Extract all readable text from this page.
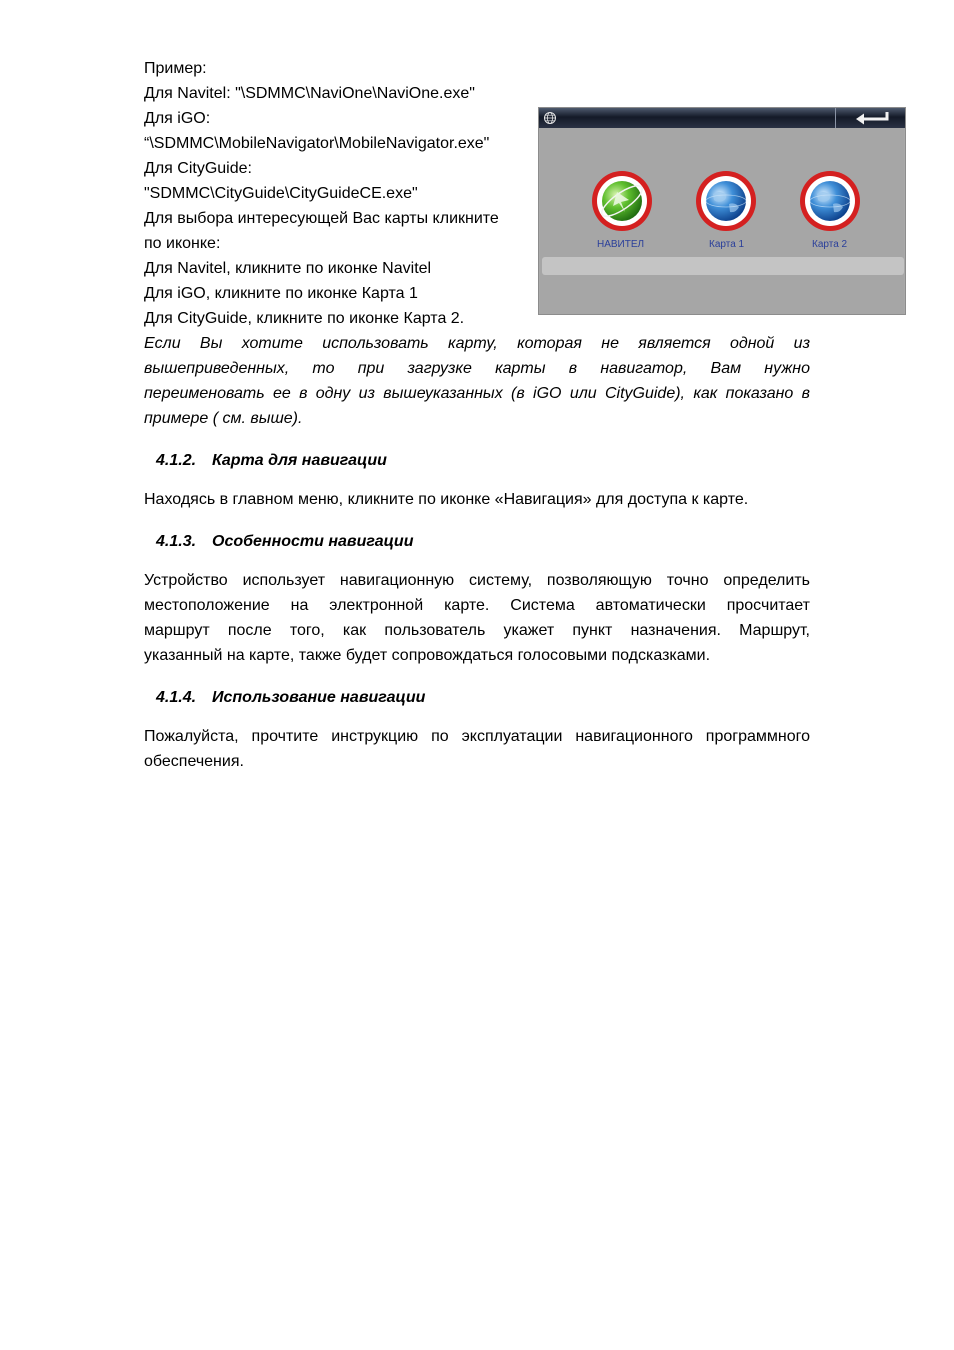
Пример:
Для Navitel: "\SDMMC\NaviOne\NaviOne.exe"
Для iGO:
“\SDMMC\MobileNavigator\MobileNavigator.exe"
Для CityGuide:
"SDMMC\CityGuide\CityGuideCE.exe"
Для выбора интересующей Вас карты кликните
по иконке:
Для Navitel, кликните по иконке Navitel
Для iGO, кликните по иконке Карта 1
Для CityGuide, кликните по иконке Карта 2.
Если Вы хотите использовать карту, которая не является одной из
вышеприведенных, то при загрузке карты в навигатор, Вам нужно
переименовать ее в одну из вышеуказанных (в iGO или CityGuide), как показано в
примере ( см. выше).
4.1.2. Карта для навигации
Находясь в главном меню, кликните по иконке «Навигация» для доступа к карте.
4.1.3. Особенности навигации
Устройство использует навигационную систему, позволяющую точно определить
местоположение на электронной карте. Система автоматически просчитает
маршрут после того, как пользователь укажет пункт назначения. Маршрут,
указанный на карте, также будет сопровождаться голосовыми подсказками.
4.1.4. Использование навигации
Пожалуйста, прочтите инструкцию по эксплуатации навигационного программного
обеспечения.
НАВИТЕЛ	Карта 1	Карта 2
